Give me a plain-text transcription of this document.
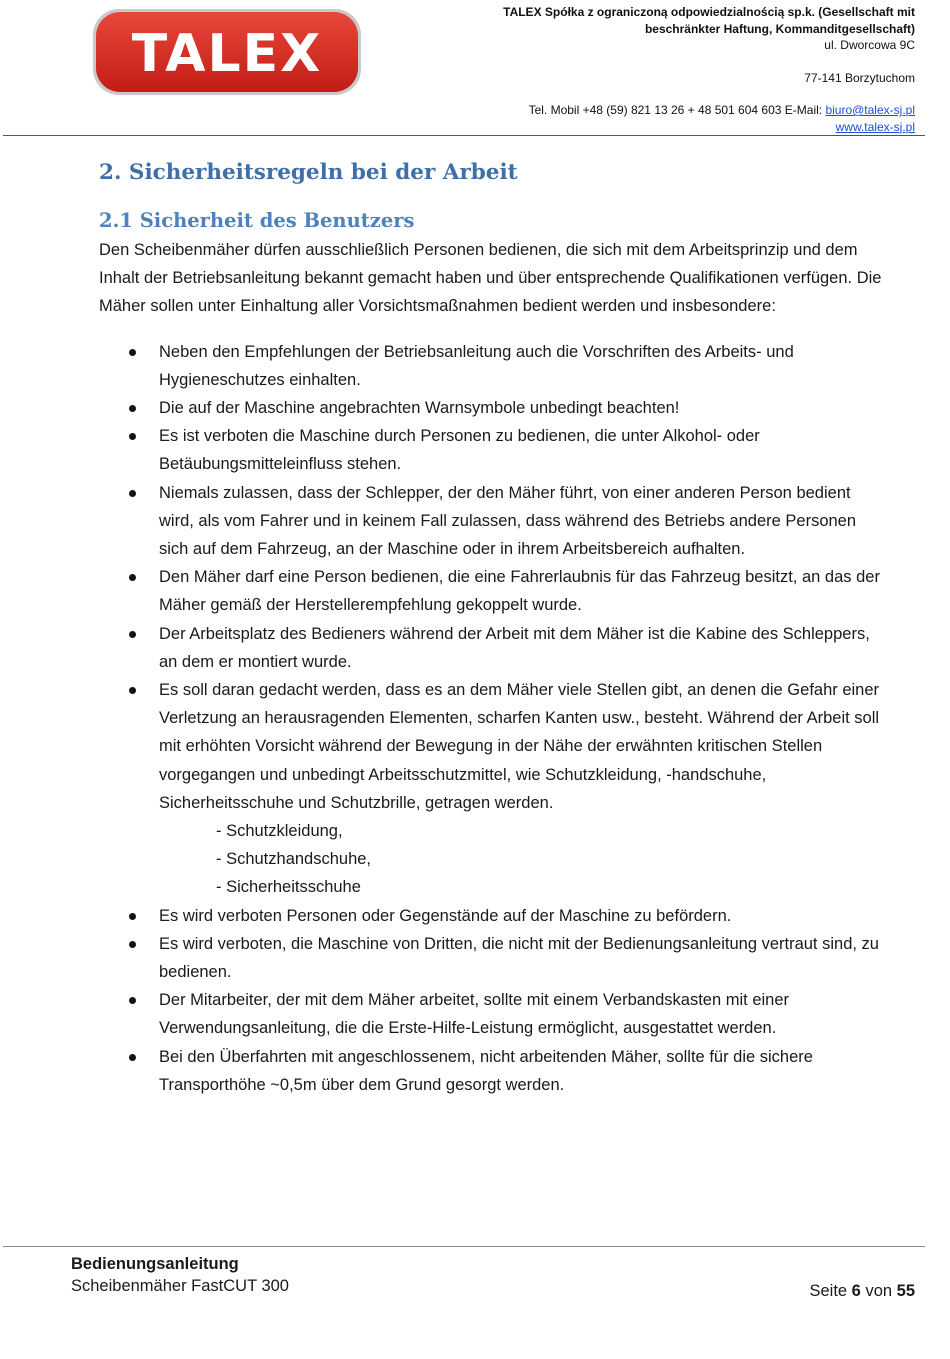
TALEX
TALEX Spółka z ograniczoną odpowiedzialnością sp.k. (Gesellschaft mit
beschränkter Haftung, Kommanditgesellschaft)
ul. Dworcowa 9C
77-141 Borzytuchom
Tel. Mobil +48 (59) 821 13 26 + 48 501 604 603 E-Mail: biuro@talex-sj.pl
www.talex-sj.pl
2. Sicherheitsregeln bei der Arbeit
2.1 Sicherheit des Benutzers

Den Scheibenmäher dürfen ausschließlich Personen bedienen, die sich mit dem Arbeitsprinzip und dem Inhalt der Betriebsanleitung bekannt gemacht haben und über entsprechende Qualifikationen verfügen. Die Mäher sollen unter Einhaltung aller Vorsichtsmaßnahmen bedient werden und insbesondere:

Neben den Empfehlungen der Betriebsanleitung auch die Vorschriften des Arbeits- und Hygieneschutzes einhalten.
Die auf der Maschine angebrachten Warnsymbole unbedingt beachten!
Es ist verboten die Maschine durch Personen zu bedienen, die unter Alkohol- oder Betäubungsmitteleinfluss stehen.
Niemals zulassen, dass der Schlepper, der den Mäher führt, von einer anderen Person bedient wird, als vom Fahrer und in keinem Fall zulassen, dass während des Betriebs andere Personen sich auf dem Fahrzeug, an der Maschine oder in ihrem Arbeitsbereich aufhalten.
Den Mäher darf eine Person bedienen, die eine Fahrerlaubnis für das Fahrzeug besitzt, an das der Mäher gemäß der Herstellerempfehlung gekoppelt wurde.
Der Arbeitsplatz des Bedieners während der Arbeit mit dem Mäher ist die Kabine des Schleppers, an dem er montiert wurde.
Es soll daran gedacht werden, dass es an dem Mäher viele Stellen gibt, an denen die Gefahr einer Verletzung an herausragenden Elementen, scharfen Kanten usw., besteht. Während der Arbeit soll mit erhöhten Vorsicht während der Bewegung in der Nähe der erwähnten kritischen Stellen vorgegangen und unbedingt Arbeitsschutzmittel, wie Schutzkleidung, -handschuhe, Sicherheitsschuhe und Schutzbrille, getragen werden.
- Schutzkleidung,
- Schutzhandschuhe,
- Sicherheitsschuhe
Es wird verboten Personen oder Gegenstände auf der Maschine zu befördern.
Es wird verboten, die Maschine von Dritten, die nicht mit der Bedienungsanleitung vertraut sind, zu bedienen.
Der Mitarbeiter, der mit dem Mäher arbeitet, sollte mit einem Verbandskasten mit einer Verwendungsanleitung, die die Erste-Hilfe-Leistung ermöglicht, ausgestattet werden.
Bei den Überfahrten mit angeschlossenem, nicht arbeitenden Mäher, sollte für die sichere Transporthöhe ~0,5m über dem Grund gesorgt werden.
Bedienungsanleitung
Scheibenmäher FastCUT 300	Seite 6 von 55
